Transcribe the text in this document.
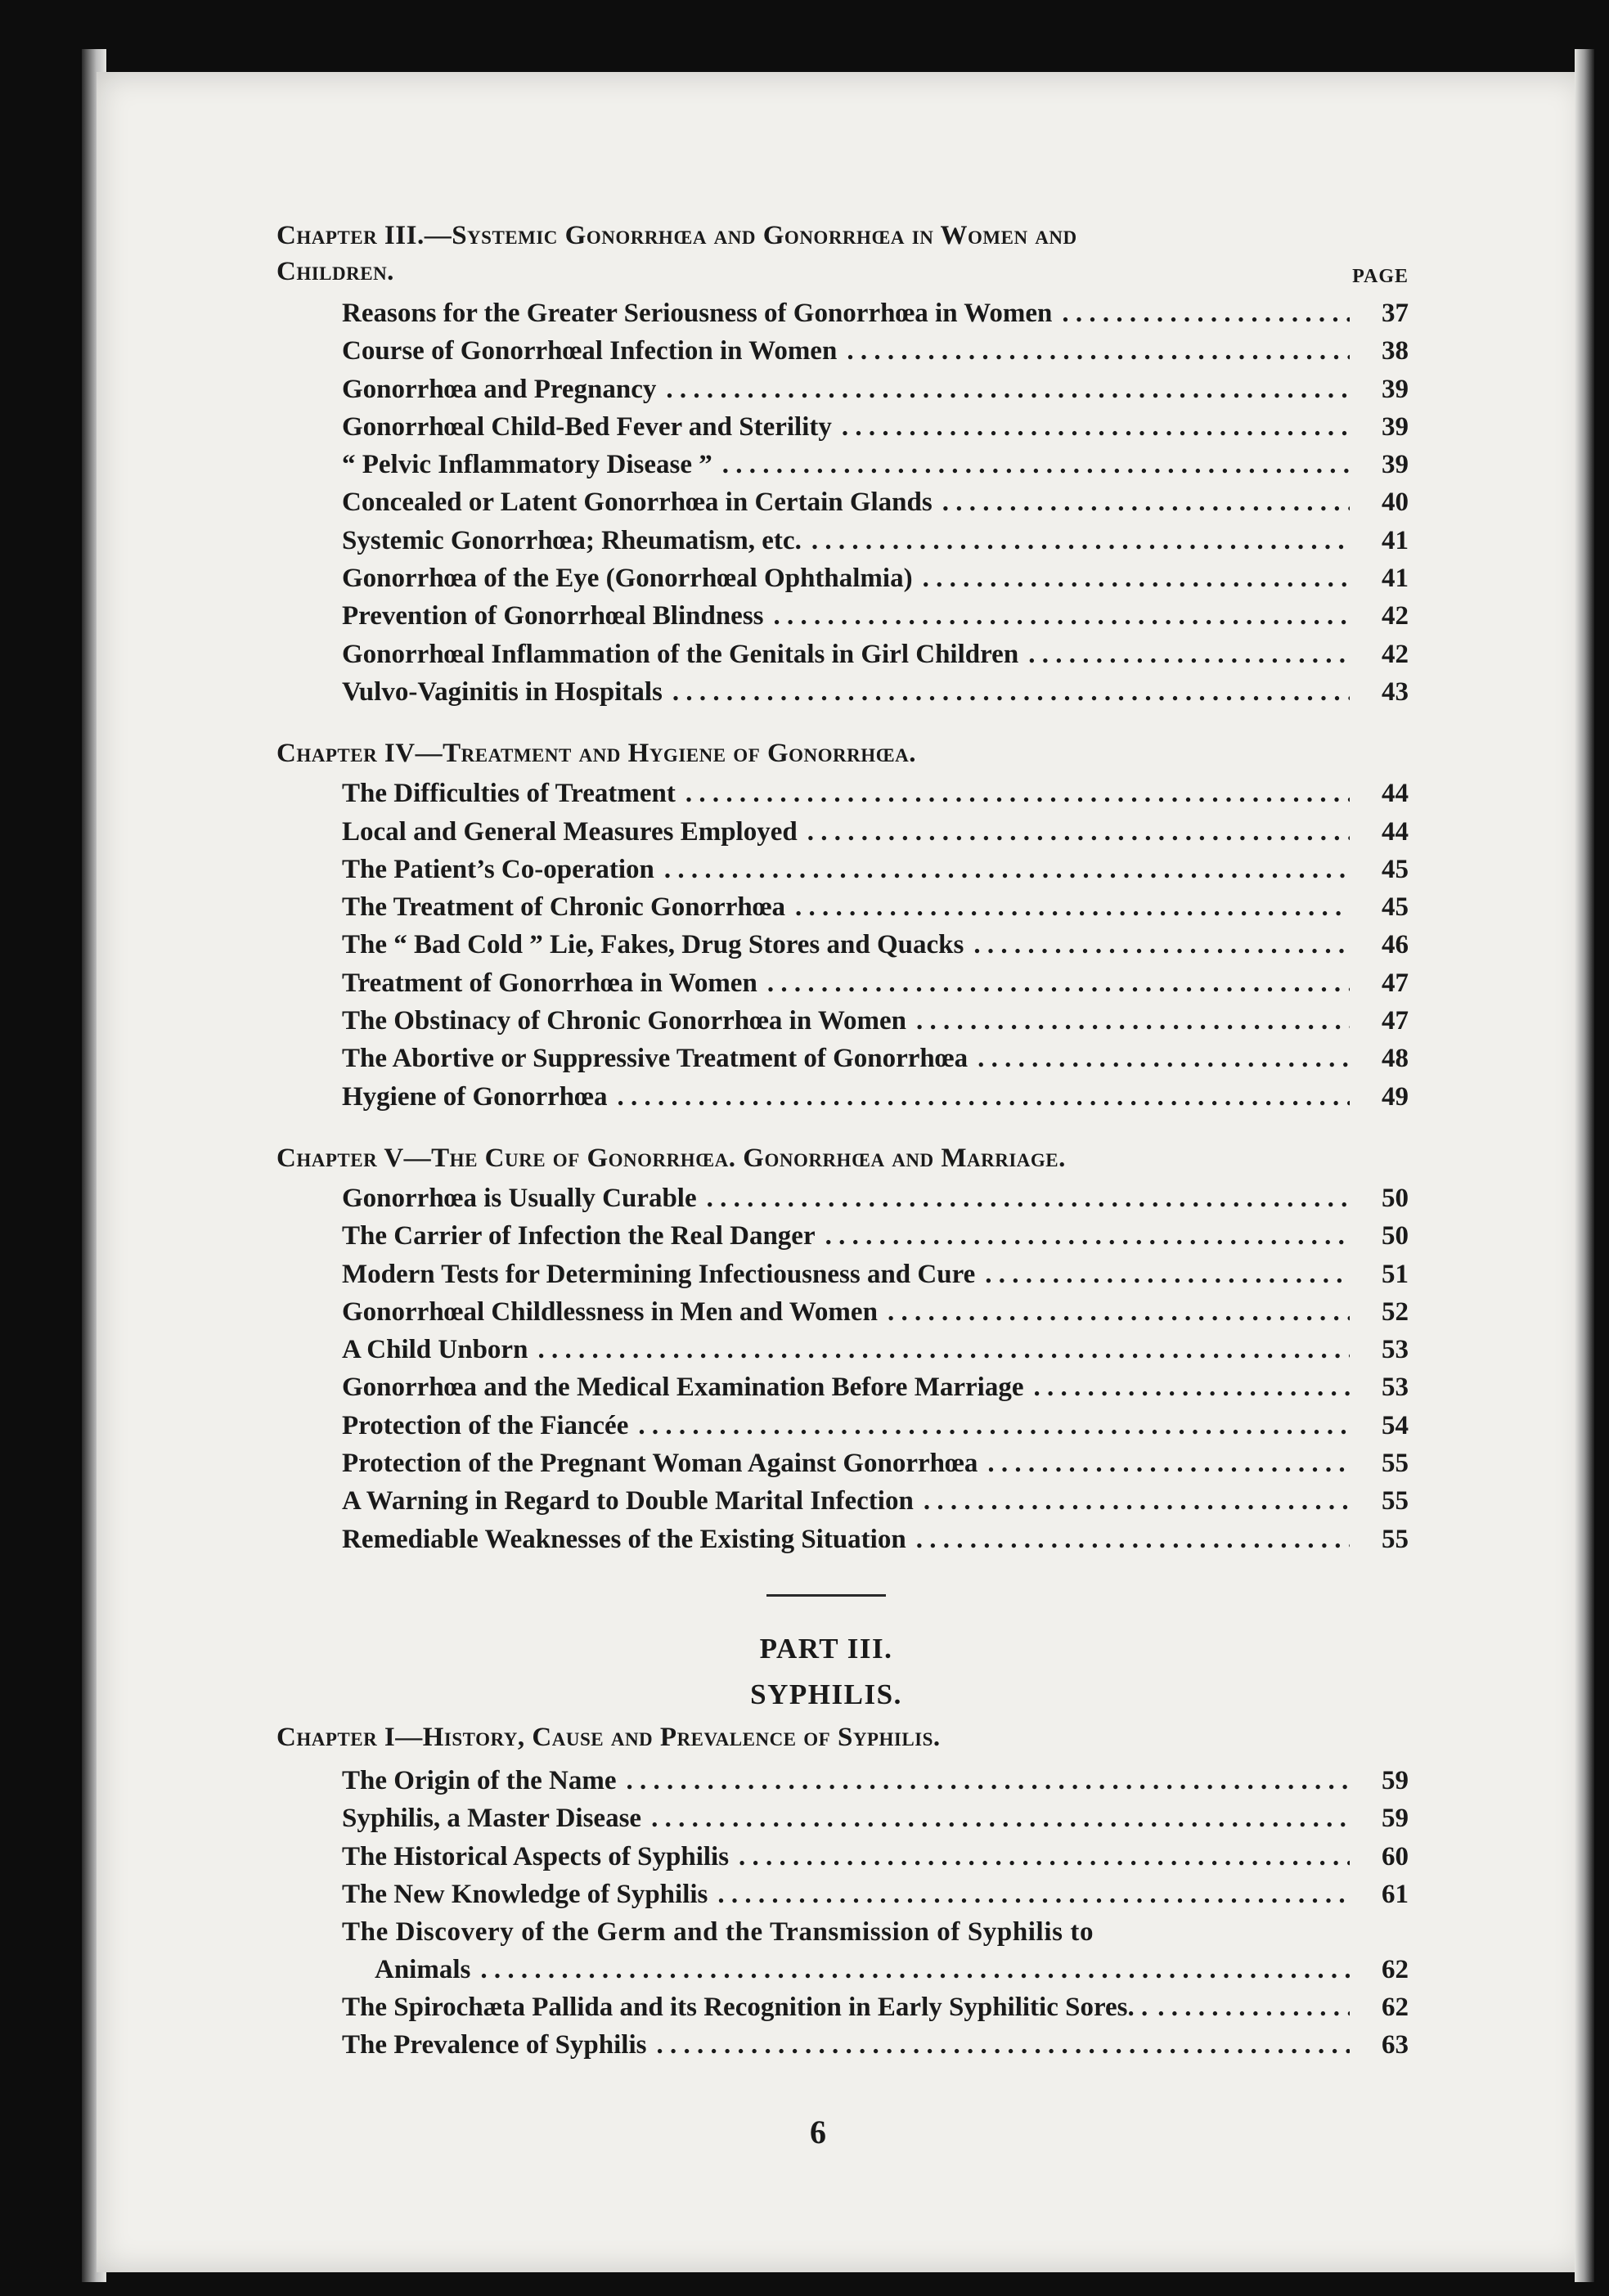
Chapter III.—Systemic Gonorrhœa and Gonorrhœa in Women and
Children.	PAGE
Reasons for the Greater Seriousness of Gonorrhœa in Women . . .	37
Course of Gonorrhœal Infection in Women . . .	38
Gonorrhœa and Pregnancy . . .	39
Gonorrhœal Child-Bed Fever and Sterility . . .	39
“ Pelvic Inflammatory Disease ” . . .	39
Concealed or Latent Gonorrhœa in Certain Glands . . .	40
Systemic Gonorrhœa; Rheumatism, etc. . . .	41
Gonorrhœa of the Eye (Gonorrhœal Ophthalmia) . . .	41
Prevention of Gonorrhœal Blindness . . .	42
Gonorrhœal Inflammation of the Genitals in Girl Children . . .	42
Vulvo-Vaginitis in Hospitals . . .	43
Chapter IV—Treatment and Hygiene of Gonorrhœa.
The Difficulties of Treatment . . .	44
Local and General Measures Employed . . .	44
The Patient’s Co-operation . . .	45
The Treatment of Chronic Gonorrhœa . . .	45
The “ Bad Cold ” Lie, Fakes, Drug Stores and Quacks . . .	46
Treatment of Gonorrhœa in Women . . .	47
The Obstinacy of Chronic Gonorrhœa in Women . . .	47
The Abortive or Suppressive Treatment of Gonorrhœa . . .	48
Hygiene of Gonorrhœa . . .	49
Chapter V—The Cure of Gonorrhœa. Gonorrhœa and Marriage.
Gonorrhœa is Usually Curable . . .	50
The Carrier of Infection the Real Danger . . .	50
Modern Tests for Determining Infectiousness and Cure . . .	51
Gonorrhœal Childlessness in Men and Women . . .	52
A Child Unborn . . .	53
Gonorrhœa and the Medical Examination Before Marriage . . .	53
Protection of the Fiancée . . .	54
Protection of the Pregnant Woman Against Gonorrhœa . . .	55
A Warning in Regard to Double Marital Infection . . .	55
Remediable Weaknesses of the Existing Situation . . .	55
PART III.
SYPHILIS.
Chapter I—History, Cause and Prevalence of Syphilis.
The Origin of the Name . . .	59
Syphilis, a Master Disease . . .	59
The Historical Aspects of Syphilis . . .	60
The New Knowledge of Syphilis . . .	61
The Discovery of the Germ and the Transmission of Syphilis to
Animals . . .	62
The Spirochæta Pallida and its Recognition in Early Syphilitic Sores. . . . .	62
The Prevalence of Syphilis . . .	63
6
